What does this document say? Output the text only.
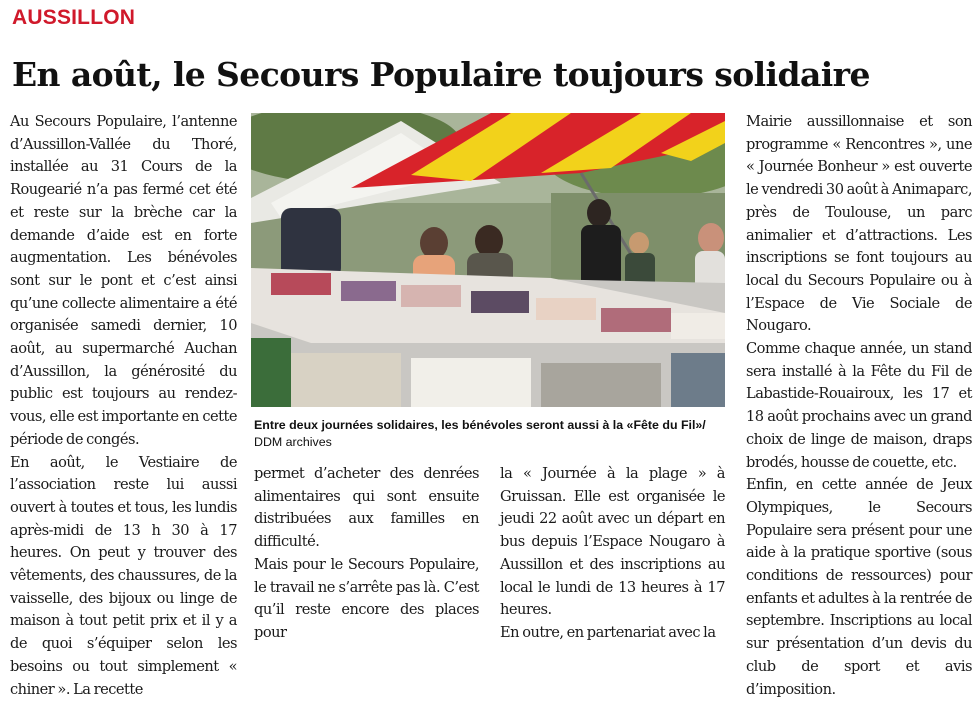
AUSSILLON
En août, le Secours Populaire toujours solidaire

Au Secours Populaire, l’antenne d’Aussillon-Vallée du Thoré, installée au 31 Cours de la Rougearié n’a pas fermé cet été et reste sur la brèche car la demande d’aide est en forte augmentation. Les bénévoles sont sur le pont et c’est ainsi qu’une collecte alimentaire a été organisée samedi dernier, 10 août, au supermarché Auchan d’Aussillon, la générosité du public est toujours au rendez-vous, elle est importante en cette période de congés.

En août, le Vestiaire de l’association reste lui aussi ouvert à toutes et tous, les lundis après-midi de 13 h 30 à 17 heures. On peut y trouver des vêtements, des chaussures, de la vaisselle, des bijoux ou linge de maison à tout petit prix et il y a de quoi s’équiper selon les besoins ou tout simplement « chiner ». La recette

Entre deux journées solidaires, les bénévoles seront aussi à la «Fête du Fil»/ DDM archives

permet d’acheter des denrées alimentaires qui sont ensuite distribuées aux familles en difficulté.

Mais pour le Secours Populaire, le travail ne s’arrête pas là. C’est qu’il reste encore des places pour

la « Journée à la plage » à Gruissan. Elle est organisée le jeudi 22 août avec un départ en bus depuis l’Espace Nougaro à Aussillon et des inscriptions au local le lundi de 13 heures à 17 heures.

En outre, en partenariat avec la

Mairie aussillonnaise et son programme « Rencontres », une « Journée Bonheur » est ouverte le vendredi 30 août à Animaparc, près de Toulouse, un parc animalier et d’attractions. Les inscriptions se font toujours au local du Secours Populaire ou à l’Espace de Vie Sociale de Nougaro.

Comme chaque année, un stand sera installé à la Fête du Fil de Labastide-Rouairoux, les 17 et 18 août prochains avec un grand choix de linge de maison, draps brodés, housse de couette, etc.

Enfin, en cette année de Jeux Olympiques, le Secours Populaire sera présent pour une aide à la pratique sportive (sous conditions de ressources) pour enfants et adultes à la rentrée de septembre. Inscriptions au local sur présentation d’un devis du club de sport et avis d’imposition.
